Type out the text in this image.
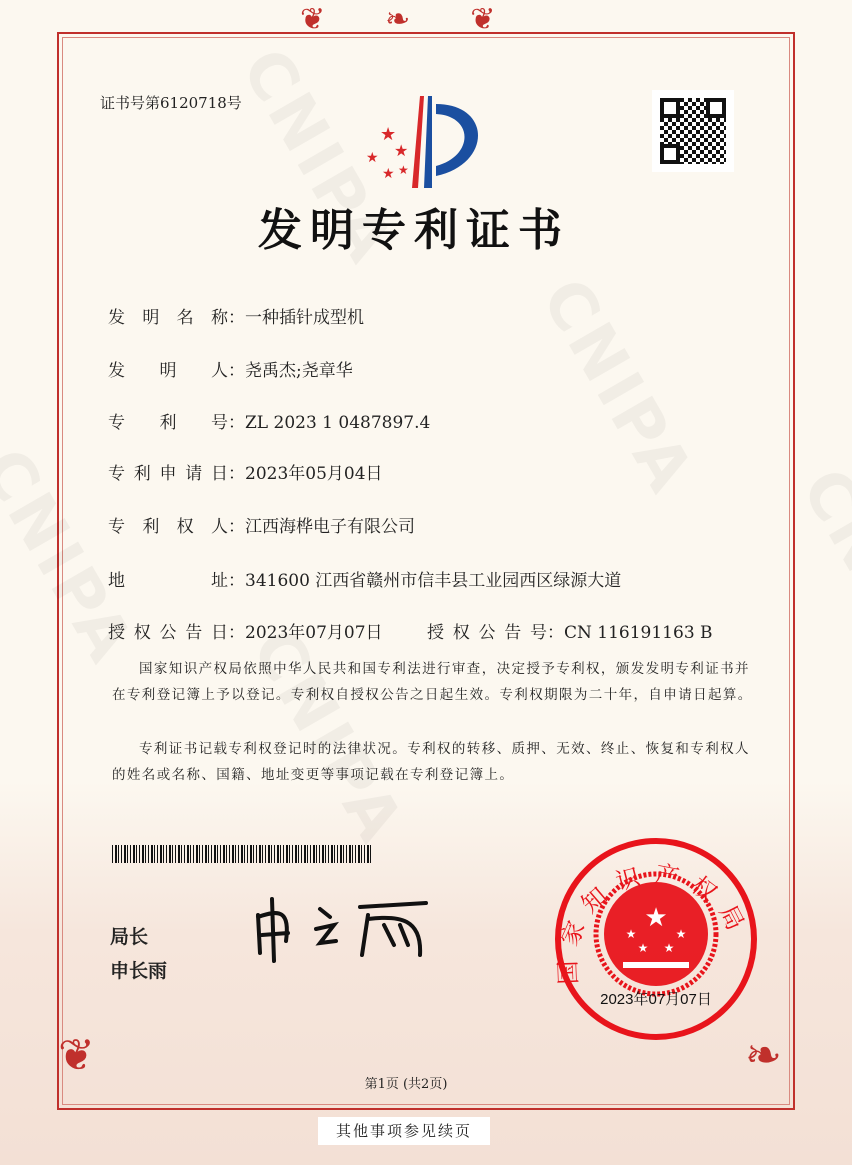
❦❧❦
❦	❧
证书号第6120718号
★
★
★
★ ★
发明专利证书
发明名称：一种插针成型机
发明人：尧禹杰;尧章华
专利号：ZL 2023 1 0487897.4
专利申请日：2023年05月04日
专利权人：江西海桦电子有限公司
地址：341600 江西省赣州市信丰县工业园西区绿源大道
授权公告日：2023年07月07日	授权公告号：CN 116191163 B
国家知识产权局依照中华人民共和国专利法进行审查，决定授予专利权，颁发发明专利证书并在专利登记簿上予以登记。专利权自授权公告之日起生效。专利权期限为二十年，自申请日起算。
专利证书记载专利权登记时的法律状况。专利权的转移、质押、无效、终止、恢复和专利权人的姓名或名称、国籍、地址变更等事项记载在专利登记簿上。
局长
申长雨
★
★	★
★ ★
国家知识产权局
2023年07月07日
第1页 (共2页)
其他事项参见续页
